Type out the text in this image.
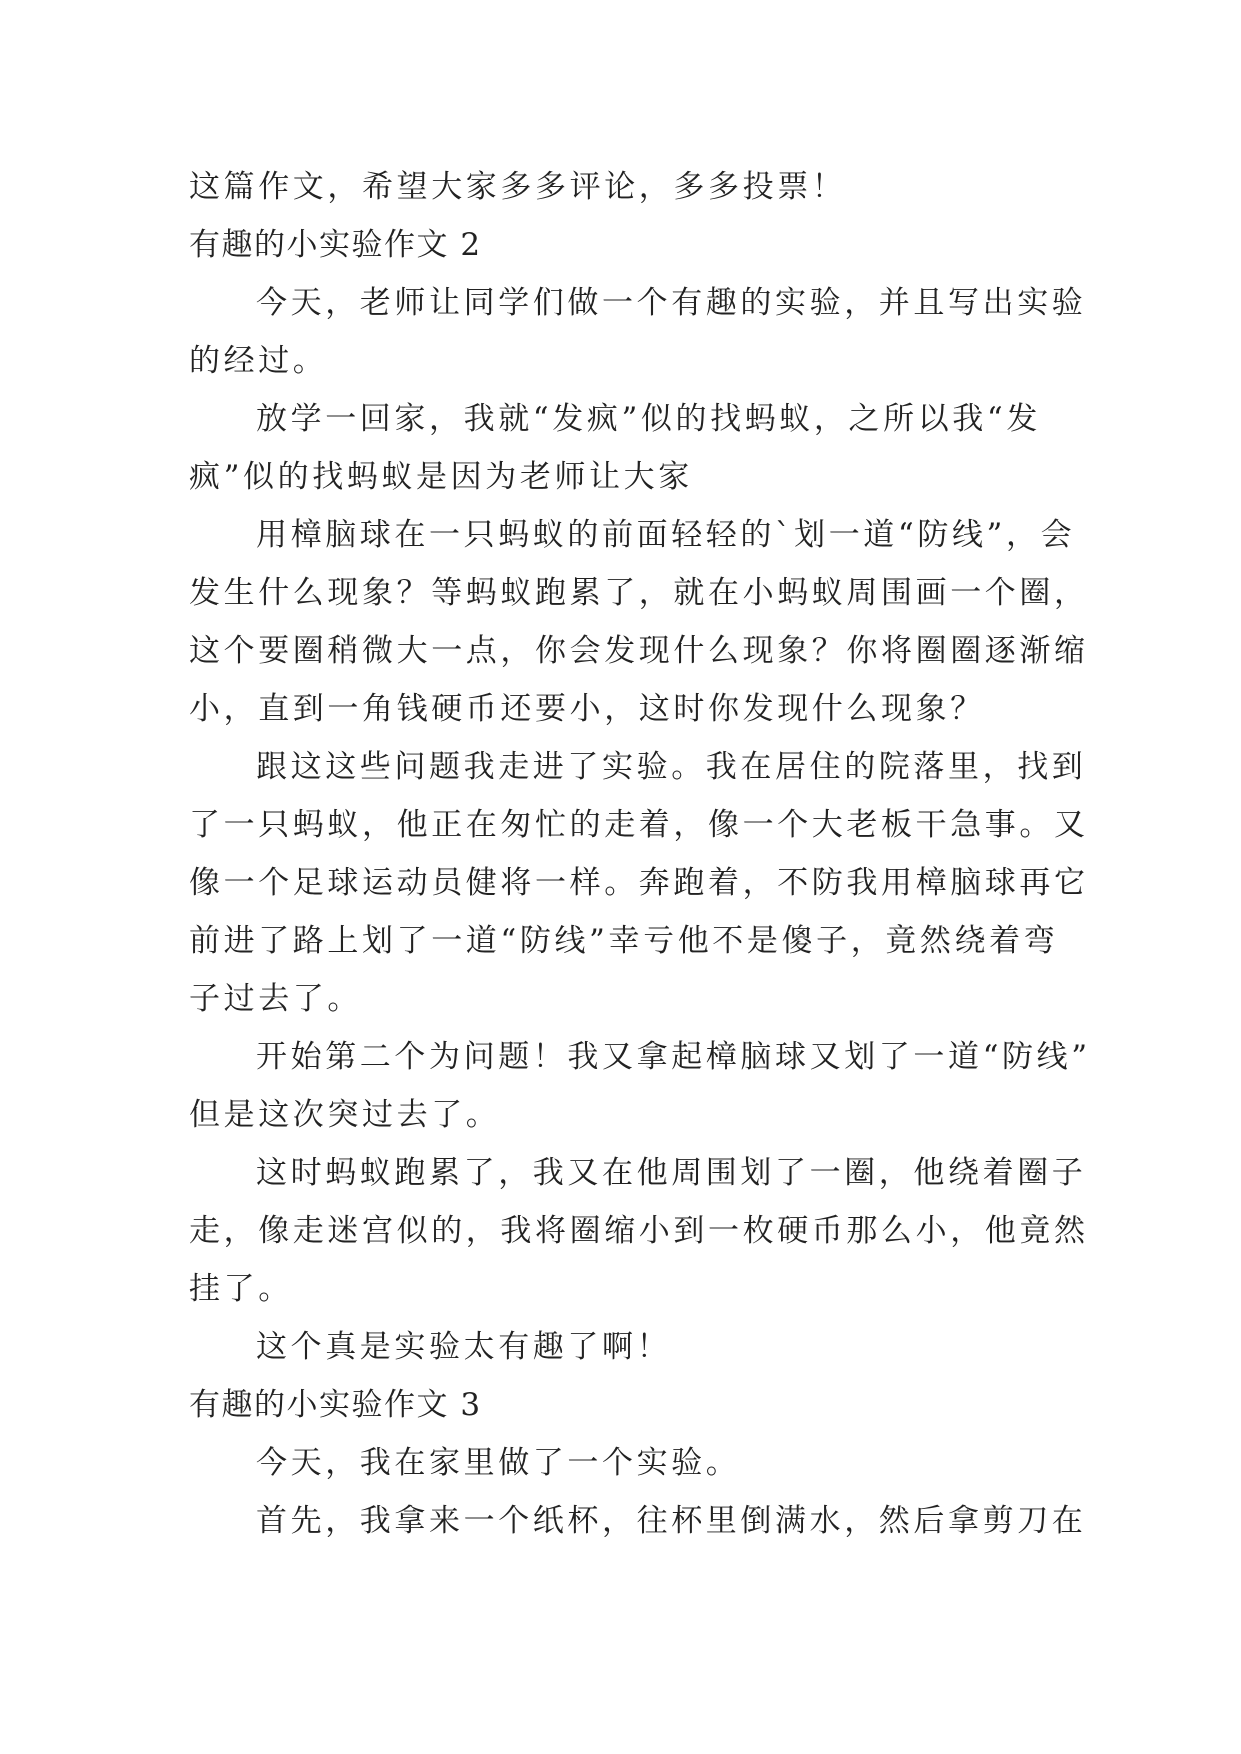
这篇作文，希望大家多多评论，多多投票！

有趣的小实验作文 2

今天，老师让同学们做一个有趣的实验，并且写出实验

的经过。

放学一回家，我就“发疯”似的找蚂蚁，之所以我“发

疯”似的找蚂蚁是因为老师让大家

用樟脑球在一只蚂蚁的前面轻轻的`划一道“防线”，会

发生什么现象？等蚂蚁跑累了，就在小蚂蚁周围画一个圈，

这个要圈稍微大一点，你会发现什么现象？你将圈圈逐渐缩

小，直到一角钱硬币还要小，这时你发现什么现象？

跟这这些问题我走进了实验。我在居住的院落里，找到

了一只蚂蚁，他正在匆忙的走着，像一个大老板干急事。又

像一个足球运动员健将一样。奔跑着，不防我用樟脑球再它

前进了路上划了一道“防线”幸亏他不是傻子，竟然绕着弯

子过去了。

开始第二个为问题！我又拿起樟脑球又划了一道“防线”

但是这次突过去了。

这时蚂蚁跑累了，我又在他周围划了一圈，他绕着圈子

走，像走迷宫似的，我将圈缩小到一枚硬币那么小，他竟然

挂了。

这个真是实验太有趣了啊！

有趣的小实验作文 3

今天，我在家里做了一个实验。

首先，我拿来一个纸杯，往杯里倒满水，然后拿剪刀在
